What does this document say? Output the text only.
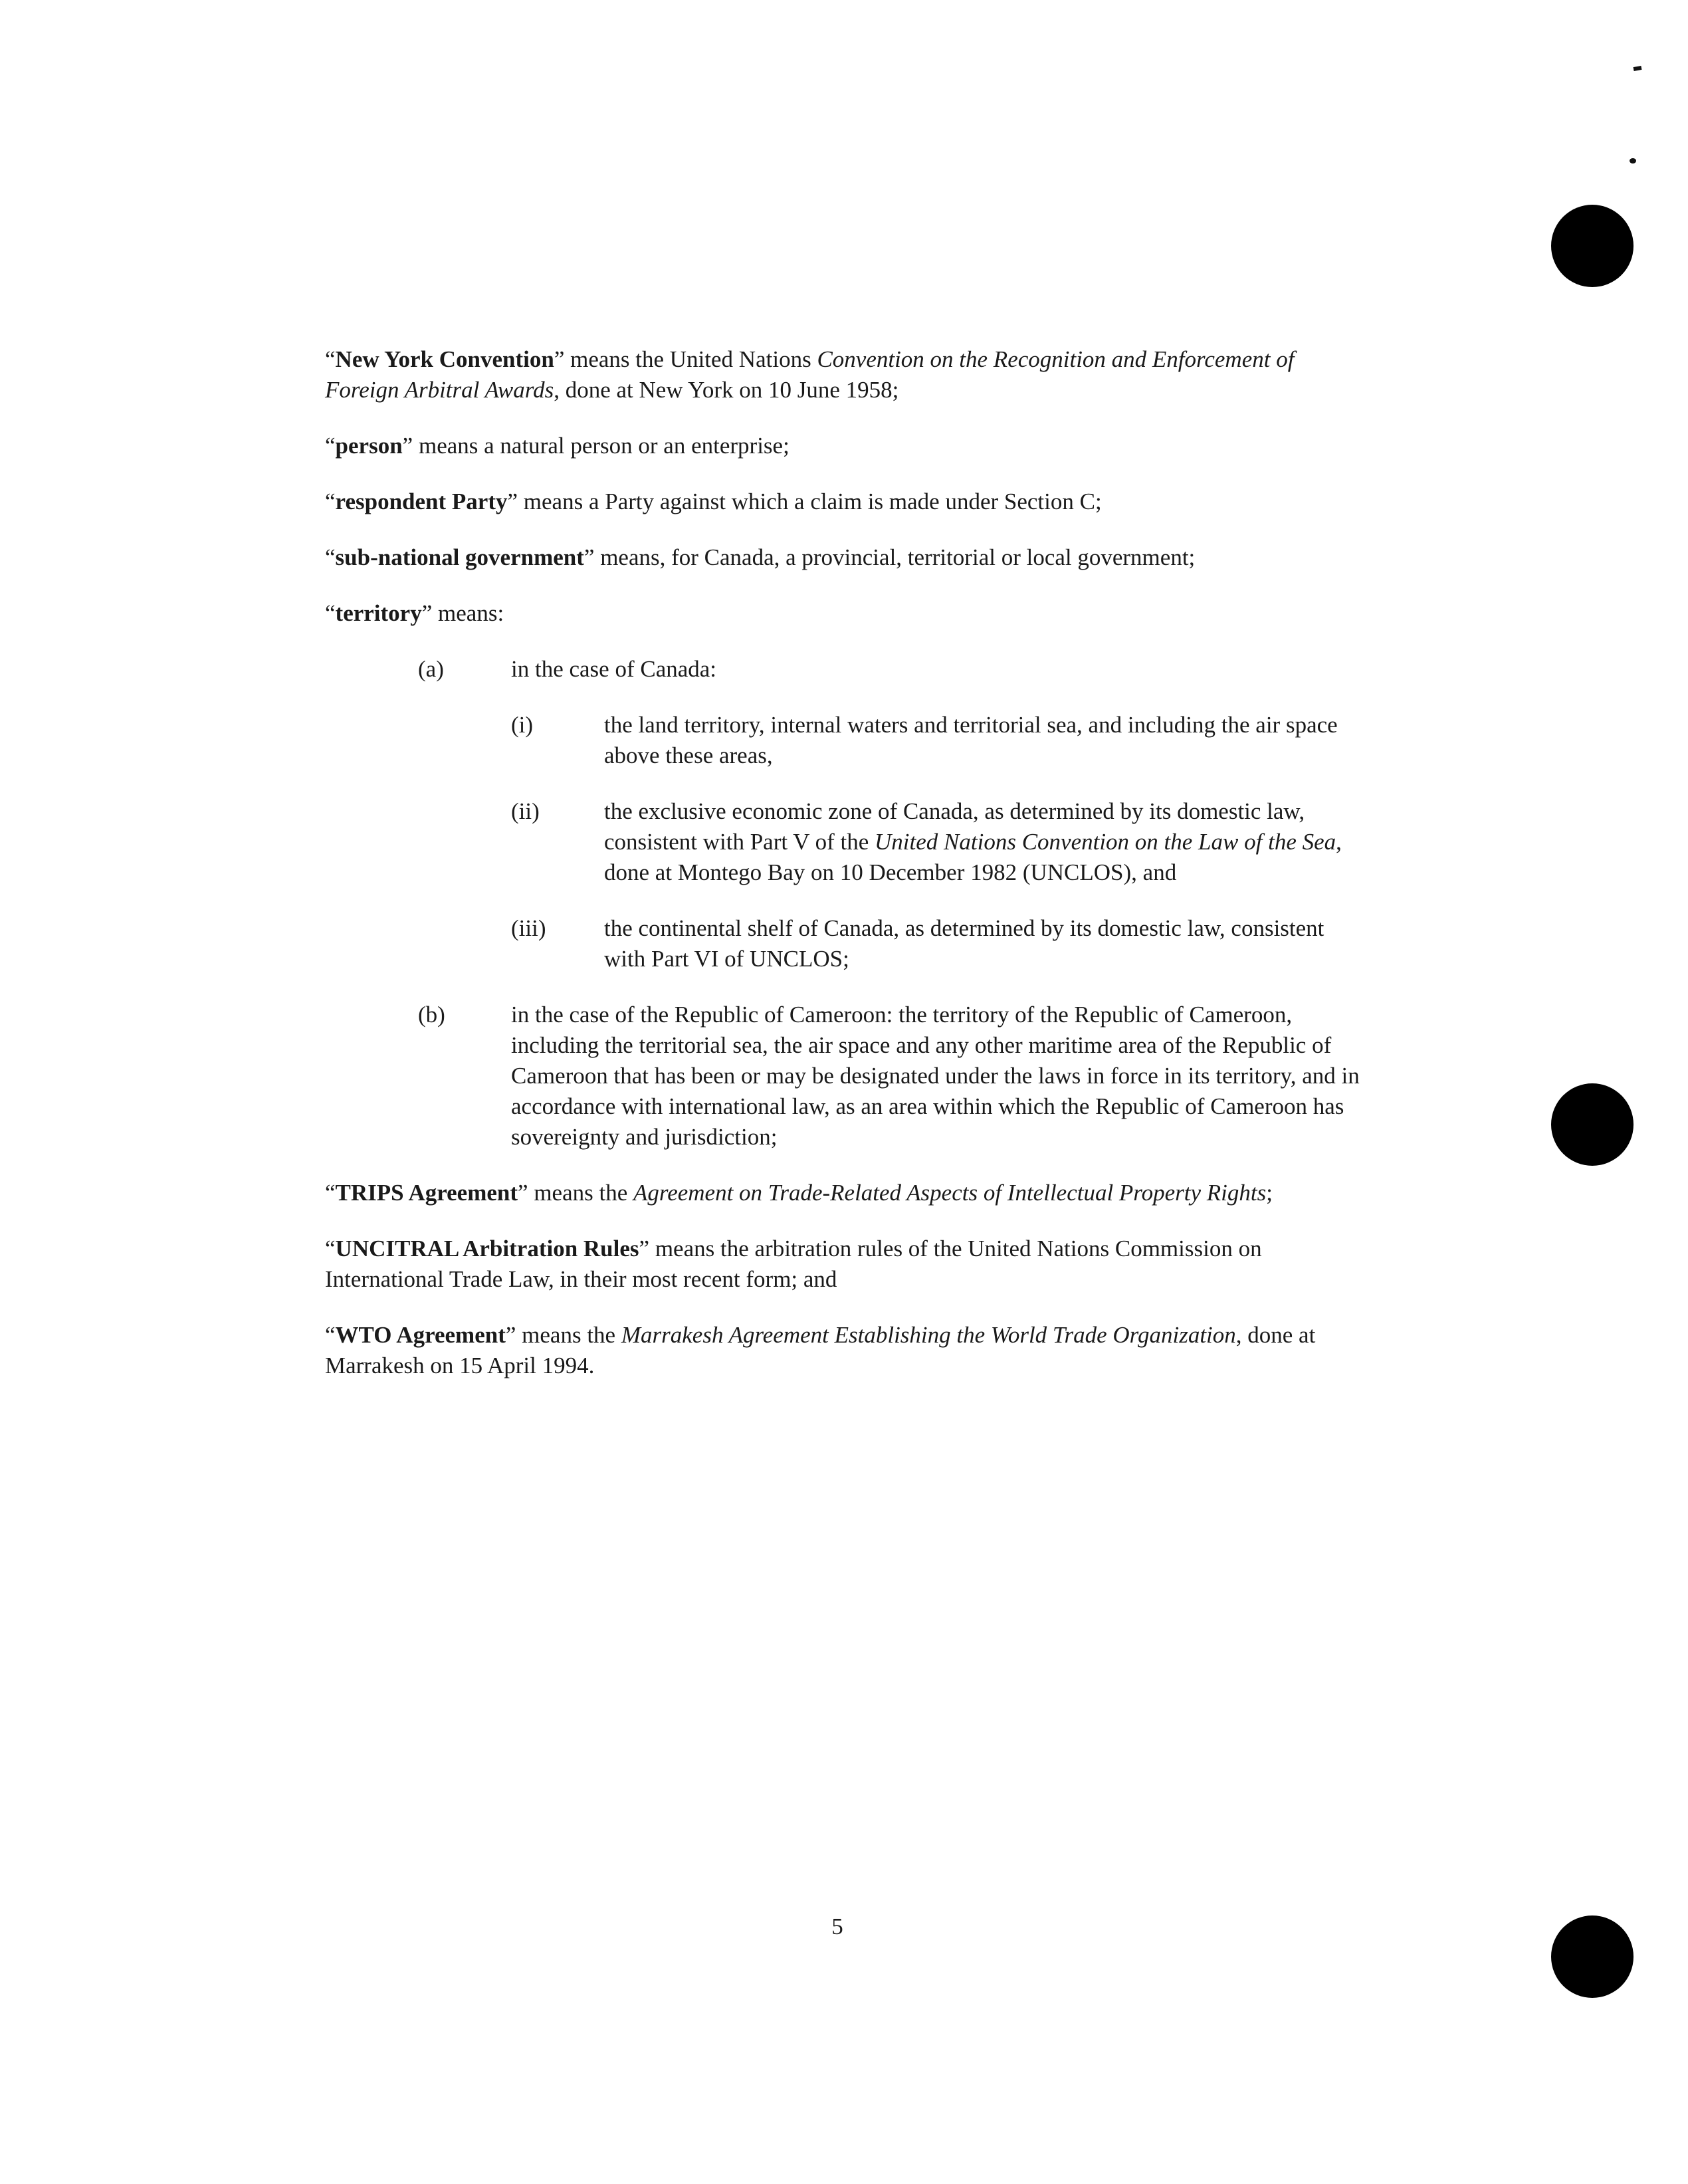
“New York Convention” means the United Nations Convention on the Recognition and Enforcement of Foreign Arbitral Awards, done at New York on 10 June 1958;

“person” means a natural person or an enterprise;

“respondent Party” means a Party against which a claim is made under Section C;

“sub-national government” means, for Canada, a provincial, territorial or local government;

“territory” means:

(a)	in the case of Canada:
(i)	the land territory, internal waters and territorial sea, and including the air space above these areas,
(ii)	the exclusive economic zone of Canada, as determined by its domestic law, consistent with Part V of the United Nations Convention on the Law of the Sea, done at Montego Bay on 10 December 1982 (UNCLOS), and
(iii)	the continental shelf of Canada, as determined by its domestic law, consistent with Part VI of UNCLOS;
(b)	in the case of the Republic of Cameroon: the territory of the Republic of Cameroon, including the territorial sea, the air space and any other maritime area of the Republic of Cameroon that has been or may be designated under the laws in force in its territory, and in accordance with international law, as an area within which the Republic of Cameroon has sovereignty and jurisdiction;

“TRIPS Agreement” means the Agreement on Trade-Related Aspects of Intellectual Property Rights;

“UNCITRAL Arbitration Rules” means the arbitration rules of the United Nations Commission on International Trade Law, in their most recent form; and

“WTO Agreement” means the Marrakesh Agreement Establishing the World Trade Organization, done at Marrakesh on 15 April 1994.

5
